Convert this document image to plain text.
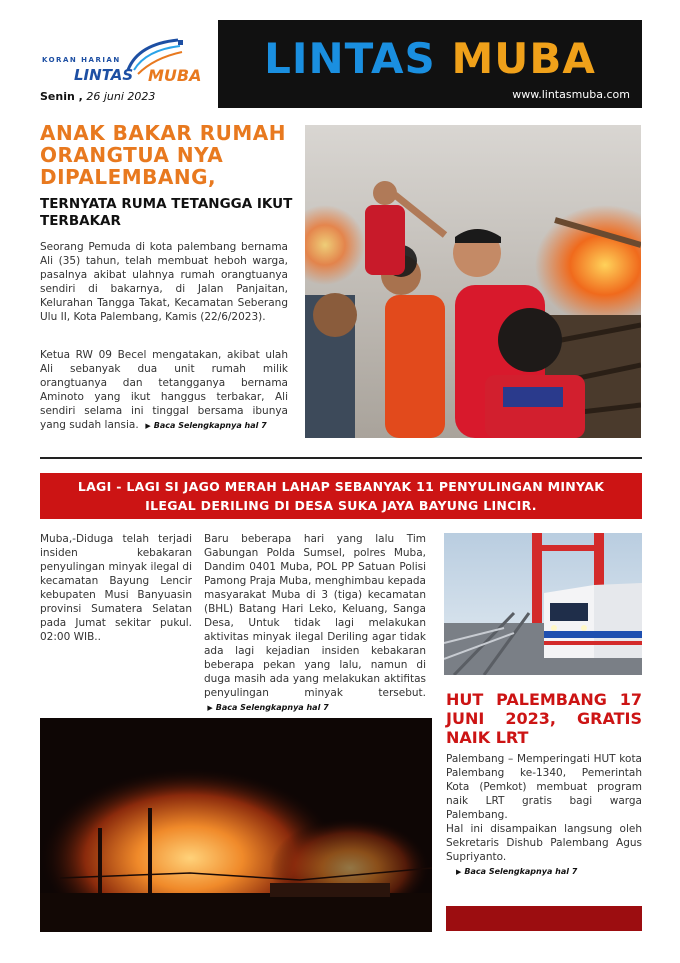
KORAN HARIAN
LINTAS MUBA
Senin , 26 juni 2023
LINTAS MUBA
www.lintasmuba.com
ANAK BAKAR RUMAH ORANGTUA NYA DIPALEMBANG,
TERNYATA RUMA TETANGGA IKUT TERBAKAR
Seorang Pemuda di kota palembang bernama Ali (35) tahun, telah membuat heboh warga, pasalnya akibat ulahnya rumah orangtuanya sendiri di bakarnya, di Jalan Panjaitan, Kelurahan Tangga Takat, Kecamatan Seberang Ulu II, Kota Palembang, Kamis (22/6/2023).
Ketua RW 09 Becel mengatakan, akibat ulah Ali sebanyak dua unit rumah milik orangtuanya dan tetangganya bernama Aminoto yang ikut hanggus terbakar, Ali sendiri selama ini tinggal bersama ibunya yang sudah lansia. ▶ Baca Selengkapnya hal 7
LAGI - LAGI SI JAGO MERAH LAHAP SEBANYAK 11 PENYULINGAN MINYAK ILEGAL DERILING DI DESA SUKA JAYA BAYUNG LINCIR.
Muba,-Diduga telah terjadi insiden kebakaran penyulingan minyak ilegal di kecamatan Bayung Lencir kebupaten Musi Banyuasin provinsi Sumatera Selatan pada Jumat sekitar pukul. 02:00 WIB..
Baru beberapa hari yang lalu Tim Gabungan Polda Sumsel, polres Muba, Dandim 0401 Muba, POL PP Satuan Polisi Pamong Praja Muba, menghimbau kepada masyarakat Muba di 3 (tiga) kecamatan (BHL) Batang Hari Leko, Keluang, Sanga Desa, Untuk tidak lagi melakukan aktivitas minyak ilegal Deriling agar tidak ada lagi kejadian insiden kebakaran beberapa pekan yang lalu, namun di duga masih ada yang melakukan aktifitas penyulingan minyak tersebut.  ▶ Baca Selengkapnya hal 7	HUT PALEMBANG 17 JUNI 2023, GRATIS NAIK LRT
Palembang – Memperingati HUT kota Palembang ke-1340, Pemerintah Kota (Pemkot) membuat program naik LRT gratis bagi warga Palembang.
Hal ini disampaikan langsung oleh Sekretaris Dishub Palembang Agus Supriyanto.
▶ Baca Selengkapnya hal 7
